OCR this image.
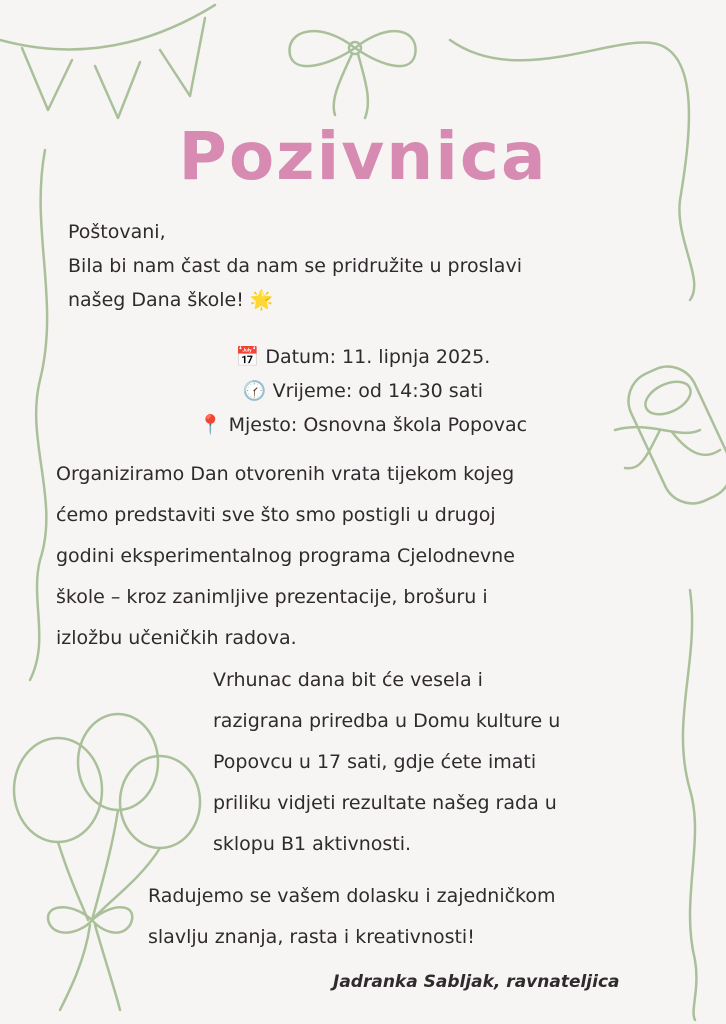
Pozivnica
Poštovani,
Bila bi nam čast da nam se pridružite u proslavi
našeg Dana škole! 🌟
📅 Datum: 11. lipnja 2025.
🕜 Vrijeme: od 14:30 sati
📍 Mjesto: Osnovna škola Popovac
Organiziramo Dan otvorenih vrata tijekom kojeg
ćemo predstaviti sve što smo postigli u drugoj
godini eksperimentalnog programa Cjelodnevne
škole – kroz zanimljive prezentacije, brošuru i
izložbu učeničkih radova.
Vrhunac dana bit će vesela i
razigrana priredba u Domu kulture u
Popovcu u 17 sati, gdje ćete imati
priliku vidjeti rezultate našeg rada u
sklopu B1 aktivnosti.
Radujemo se vašem dolasku i zajedničkom
slavlju znanja, rasta i kreativnosti!
Jadranka Sabljak, ravnateljica
